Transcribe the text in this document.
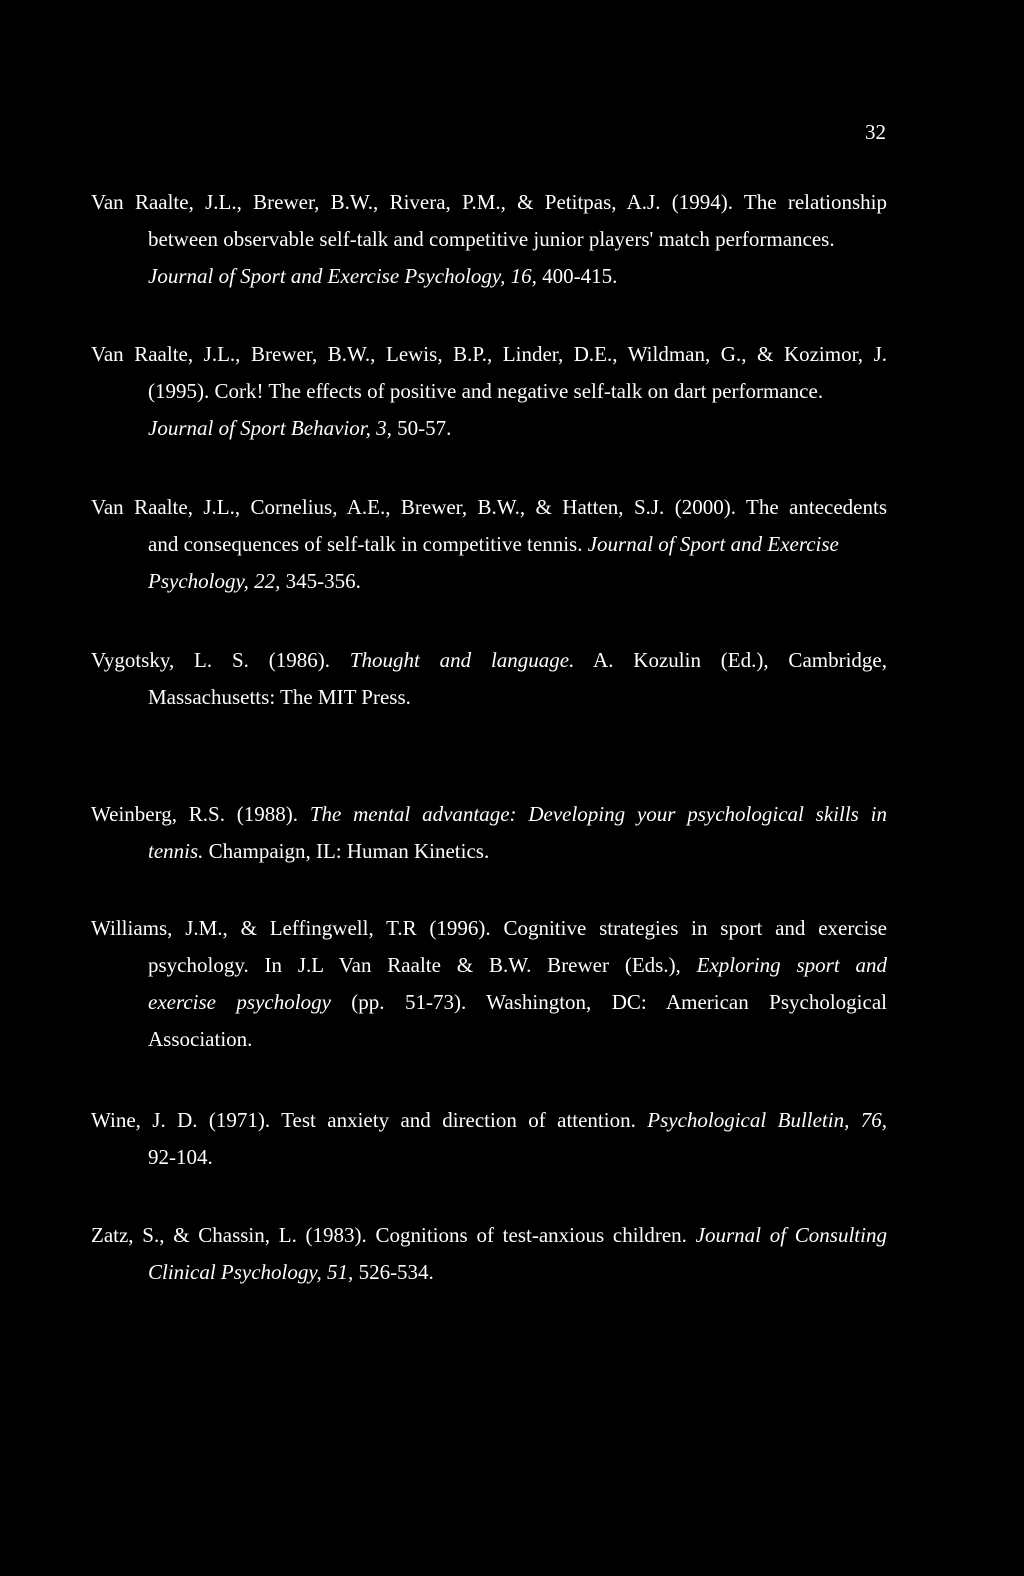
32
Van Raalte, J.L., Brewer, B.W., Rivera, P.M., & Petitpas, A.J. (1994). The relationship
between observable self-talk and competitive junior players' match performances.
Journal of Sport and Exercise Psychology, 16, 400-415.
Van Raalte, J.L., Brewer, B.W., Lewis, B.P., Linder, D.E., Wildman, G., & Kozimor, J.
(1995). Cork! The effects of positive and negative self-talk on dart performance.
Journal of Sport Behavior, 3, 50-57.
Van Raalte, J.L., Cornelius, A.E., Brewer, B.W., & Hatten, S.J. (2000). The antecedents
and consequences of self-talk in competitive tennis. Journal of Sport and Exercise
Psychology, 22, 345-356.
Vygotsky, L. S. (1986). Thought and language. A. Kozulin (Ed.), Cambridge,
Massachusetts: The MIT Press.
Weinberg, R.S. (1988). The mental advantage: Developing your psychological skills in
tennis. Champaign, IL: Human Kinetics.
Williams, J.M., & Leffingwell, T.R (1996). Cognitive strategies in sport and exercise
psychology. In J.L Van Raalte & B.W. Brewer (Eds.), Exploring sport and
exercise psychology (pp. 51-73). Washington, DC: American Psychological
Association.
Wine, J. D. (1971). Test anxiety and direction of attention. Psychological Bulletin, 76,
92-104.
Zatz, S., & Chassin, L. (1983). Cognitions of test-anxious children. Journal of Consulting
Clinical Psychology, 51, 526-534.
